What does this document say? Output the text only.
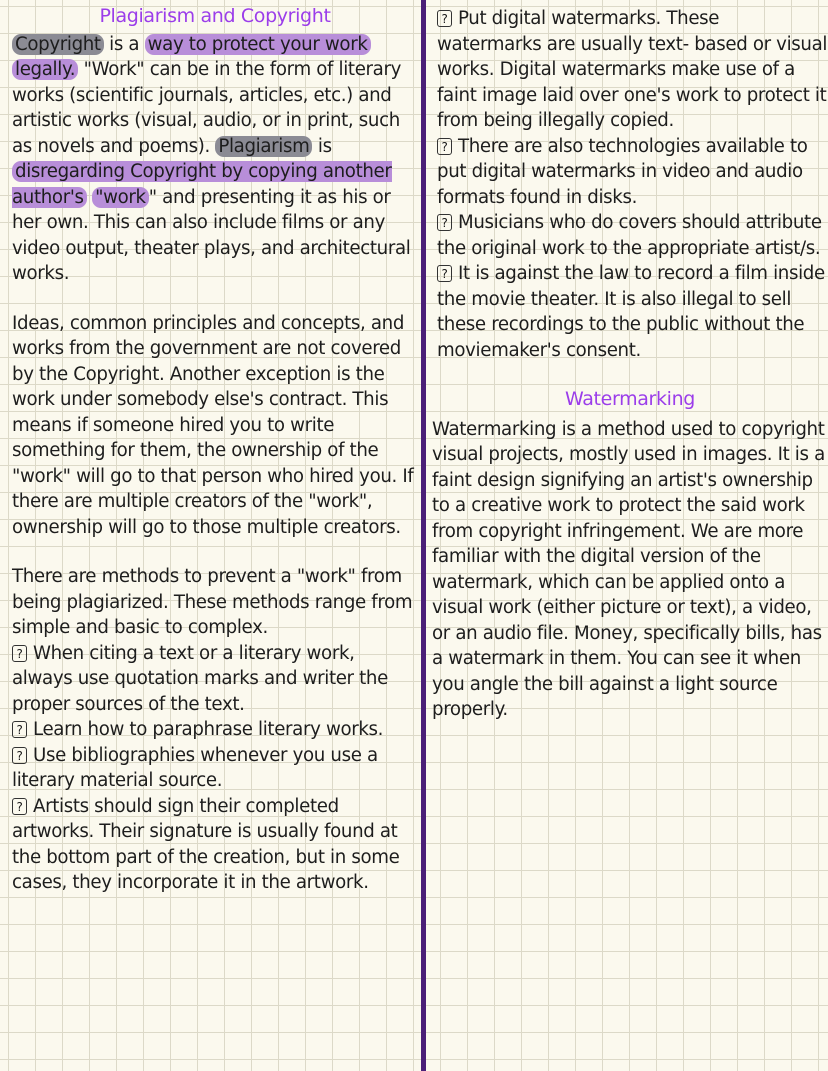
Plagiarism and Copyright

Copyright is a way to protect your work legally. "Work" can be in the form of literary works (scientific journals, articles, etc.) and artistic works (visual, audio, or in print, such as novels and poems). Plagiarism is disregarding Copyright by copying another author's "work " and presenting it as his or her own. This can also include films or any video output, theater plays, and architectural works.

Ideas, common principles and concepts, and works from the government are not covered by the Copyright. Another exception is the work under somebody else's contract. This means if someone hired you to write something for them, the ownership of the "work" will go to that person who hired you. If there are multiple creators of the "work", ownership will go to those multiple creators.

There are methods to prevent a "work" from being plagiarized. These methods range from simple and basic to complex.

? When citing a text or a literary work, always use quotation marks and writer the proper sources of the text.
? Learn how to paraphrase literary works.
? Use bibliographies whenever you use a literary material source.
? Artists should sign their completed artworks. Their signature is usually found at the bottom part of the creation, but in some cases, they incorporate it in the artwork.
? Put digital watermarks. These watermarks are usually text- based or visual works. Digital watermarks make use of a faint image laid over one's work to protect it from being illegally copied.
? There are also technologies available to put digital watermarks in video and audio formats found in disks.
? Musicians who do covers should attribute the original work to the appropriate artist/s.
? It is against the law to record a film inside the movie theater. It is also illegal to sell these recordings to the public without the moviemaker's consent.
Watermarking

Watermarking is a method used to copyright visual projects, mostly used in images. It is a faint design signifying an artist's ownership to a creative work to protect the said work from copyright infringement. We are more familiar with the digital version of the watermark, which can be applied onto a visual work (either picture or text), a video, or an audio file. Money, specifically bills, has a watermark in them. You can see it when you angle the bill against a light source properly.
